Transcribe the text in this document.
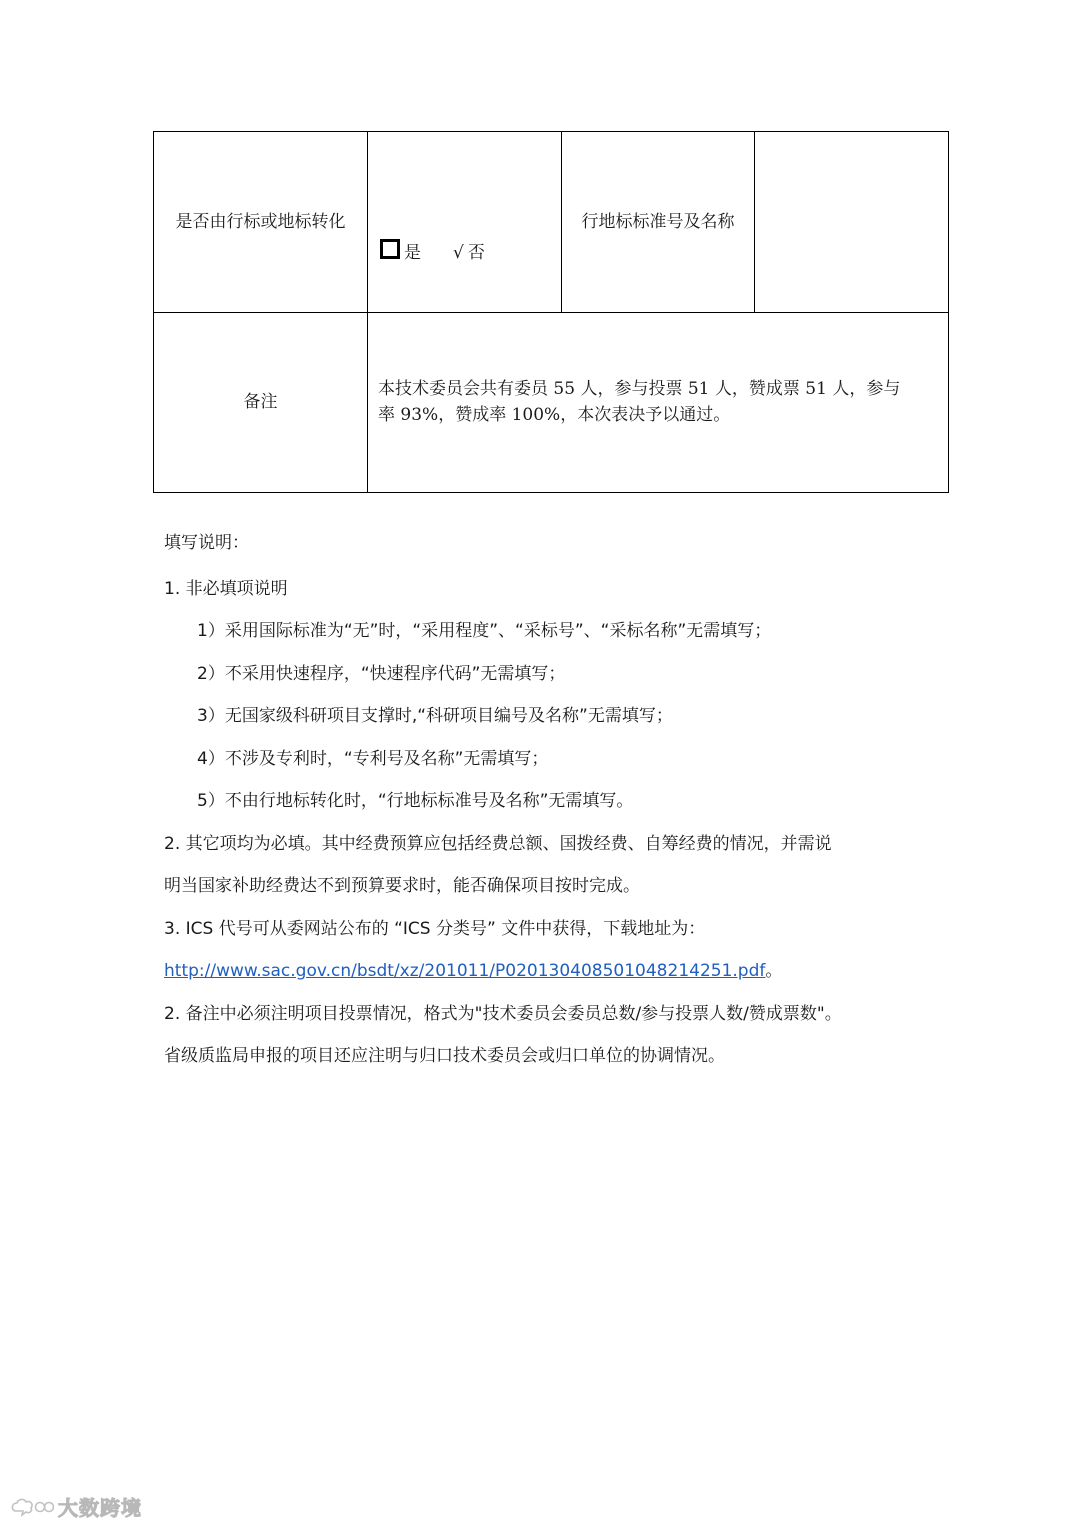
是否由行标或地标转化	是 √ 否	行地标标准号及名称	
备注	本技术委员会共有委员 55 人，参与投票 51 人，赞成票 51 人，参与
率 93%，赞成率 100%，本次表决予以通过。		
填写说明：
1. 非必填项说明
1）采用国际标准为“无”时，“采用程度”、“采标号”、“采标名称”无需填写；
2）不采用快速程序，“快速程序代码”无需填写；
3）无国家级科研项目支撑时,“科研项目编号及名称”无需填写；
4）不涉及专利时，“专利号及名称”无需填写；
5）不由行地标转化时，“行地标标准号及名称”无需填写。
2. 其它项均为必填。其中经费预算应包括经费总额、国拨经费、自筹经费的情况，并需说
明当国家补助经费达不到预算要求时，能否确保项目按时完成。
3. ICS 代号可从委网站公布的 “ICS 分类号” 文件中获得，下载地址为：
http://www.sac.gov.cn/bsdt/xz/201011/P020130408501048214251.pdf。
2. 备注中必须注明项目投票情况，格式为"技术委员会委员总数/参与投票人数/赞成票数"。
省级质监局申报的项目还应注明与归口技术委员会或归口单位的协调情况。
大数跨境
